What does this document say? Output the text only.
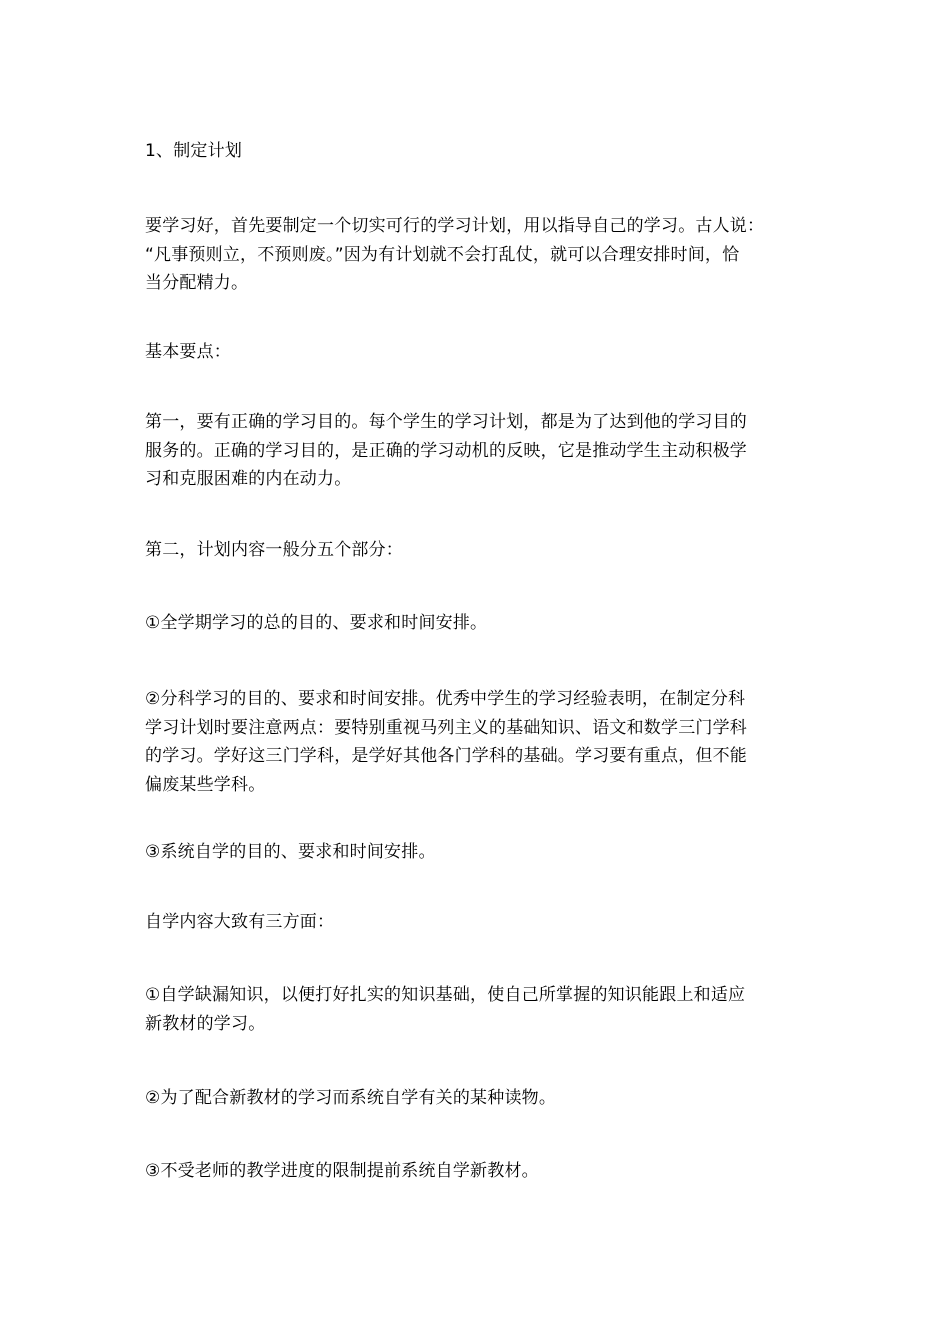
1、制定计划

要学习好，首先要制定一个切实可行的学习计划，用以指导自己的学习。古人说：
“凡事预则立，不预则废。”因为有计划就不会打乱仗，就可以合理安排时间，恰
当分配精力。

基本要点：

第一，要有正确的学习目的。每个学生的学习计划，都是为了达到他的学习目的
服务的。正确的学习目的，是正确的学习动机的反映，它是推动学生主动积极学
习和克服困难的内在动力。

第二，计划内容一般分五个部分：

①全学期学习的总的目的、要求和时间安排。

②分科学习的目的、要求和时间安排。优秀中学生的学习经验表明，在制定分科
学习计划时要注意两点：要特别重视马列主义的基础知识、语文和数学三门学科
的学习。学好这三门学科，是学好其他各门学科的基础。学习要有重点，但不能
偏废某些学科。

③系统自学的目的、要求和时间安排。

自学内容大致有三方面：

①自学缺漏知识，以便打好扎实的知识基础，使自己所掌握的知识能跟上和适应
新教材的学习。

②为了配合新教材的学习而系统自学有关的某种读物。

③不受老师的教学进度的限制提前系统自学新教材。
